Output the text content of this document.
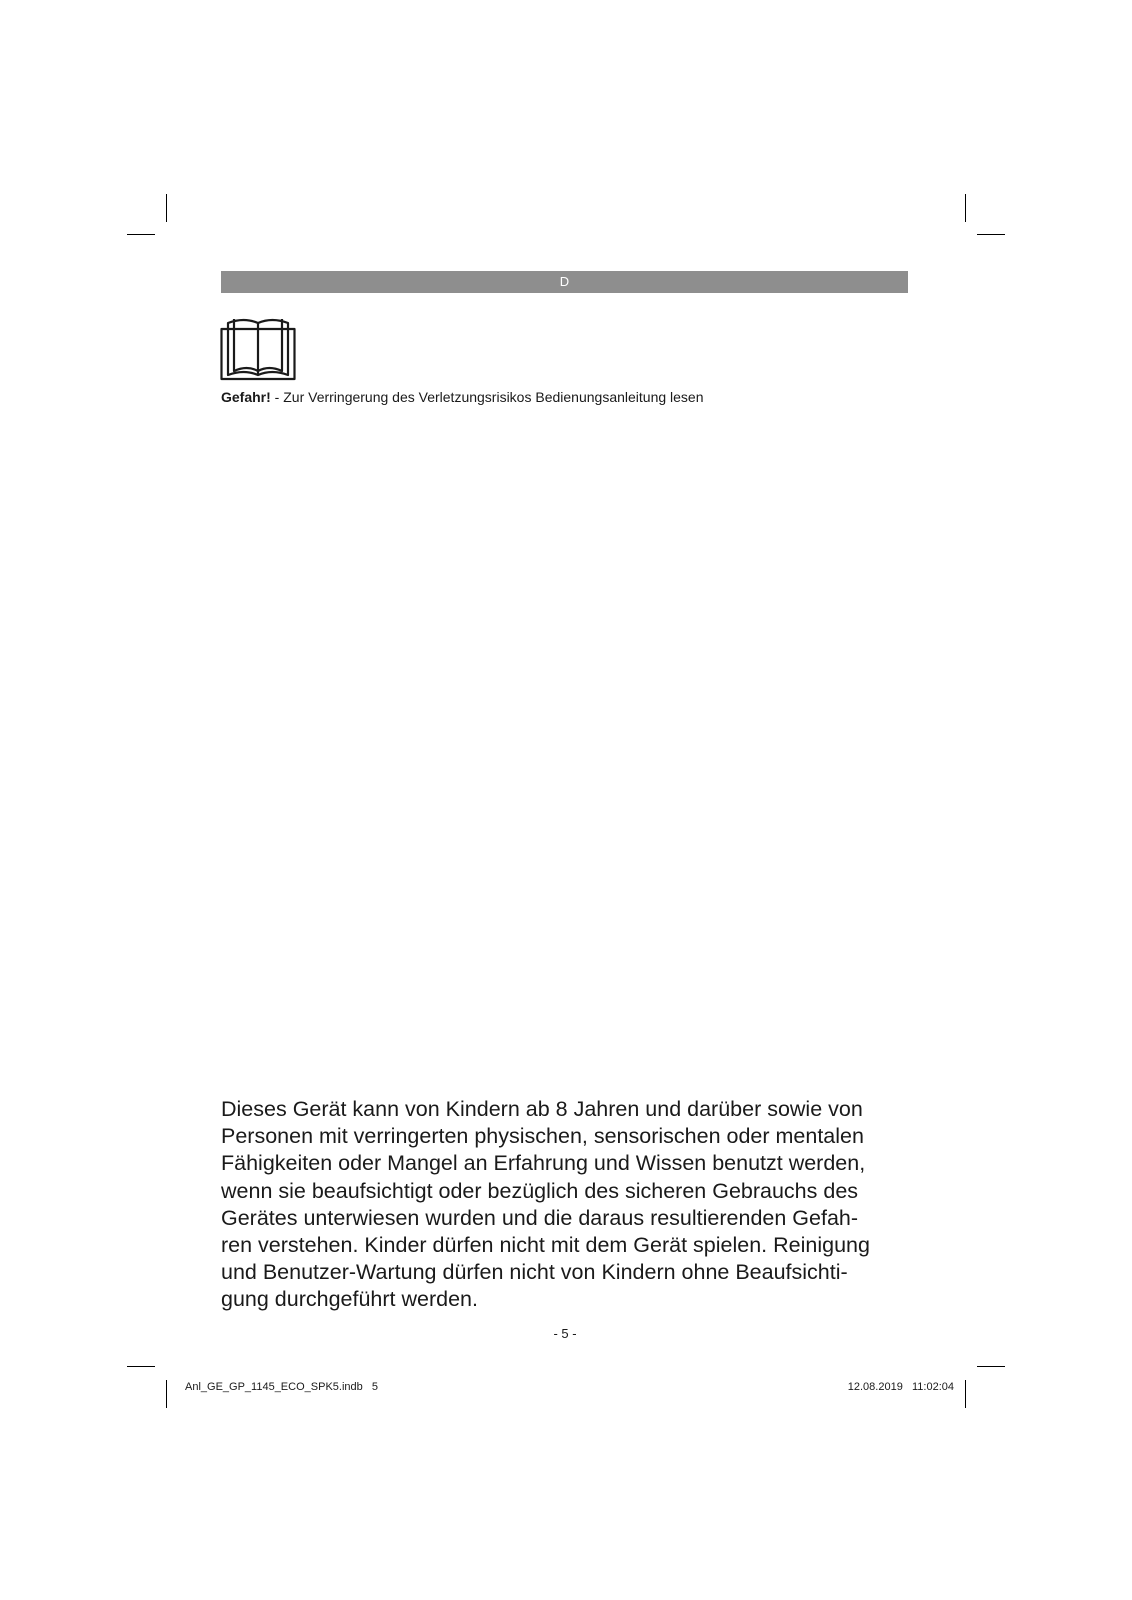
D
Gefahr! - Zur Verringerung des Verletzungsrisikos Bedienungsanleitung lesen
Dieses Gerät kann von Kindern ab 8 Jahren und darüber sowie von
Personen mit verringerten physischen, sensorischen oder mentalen
Fähigkeiten oder Mangel an Erfahrung und Wissen benutzt werden,
wenn sie beaufsichtigt oder bezüglich des sicheren Gebrauchs des
Gerätes unterwiesen wurden und die daraus resultierenden Gefah-
ren verstehen. Kinder dürfen nicht mit dem Gerät spielen. Reinigung
und Benutzer-Wartung dürfen nicht von Kindern ohne Beaufsichti-
gung durchgeführt werden.
- 5 -
Anl_GE_GP_1145_ECO_SPK5.indb   5	12.08.2019   11:02:04
